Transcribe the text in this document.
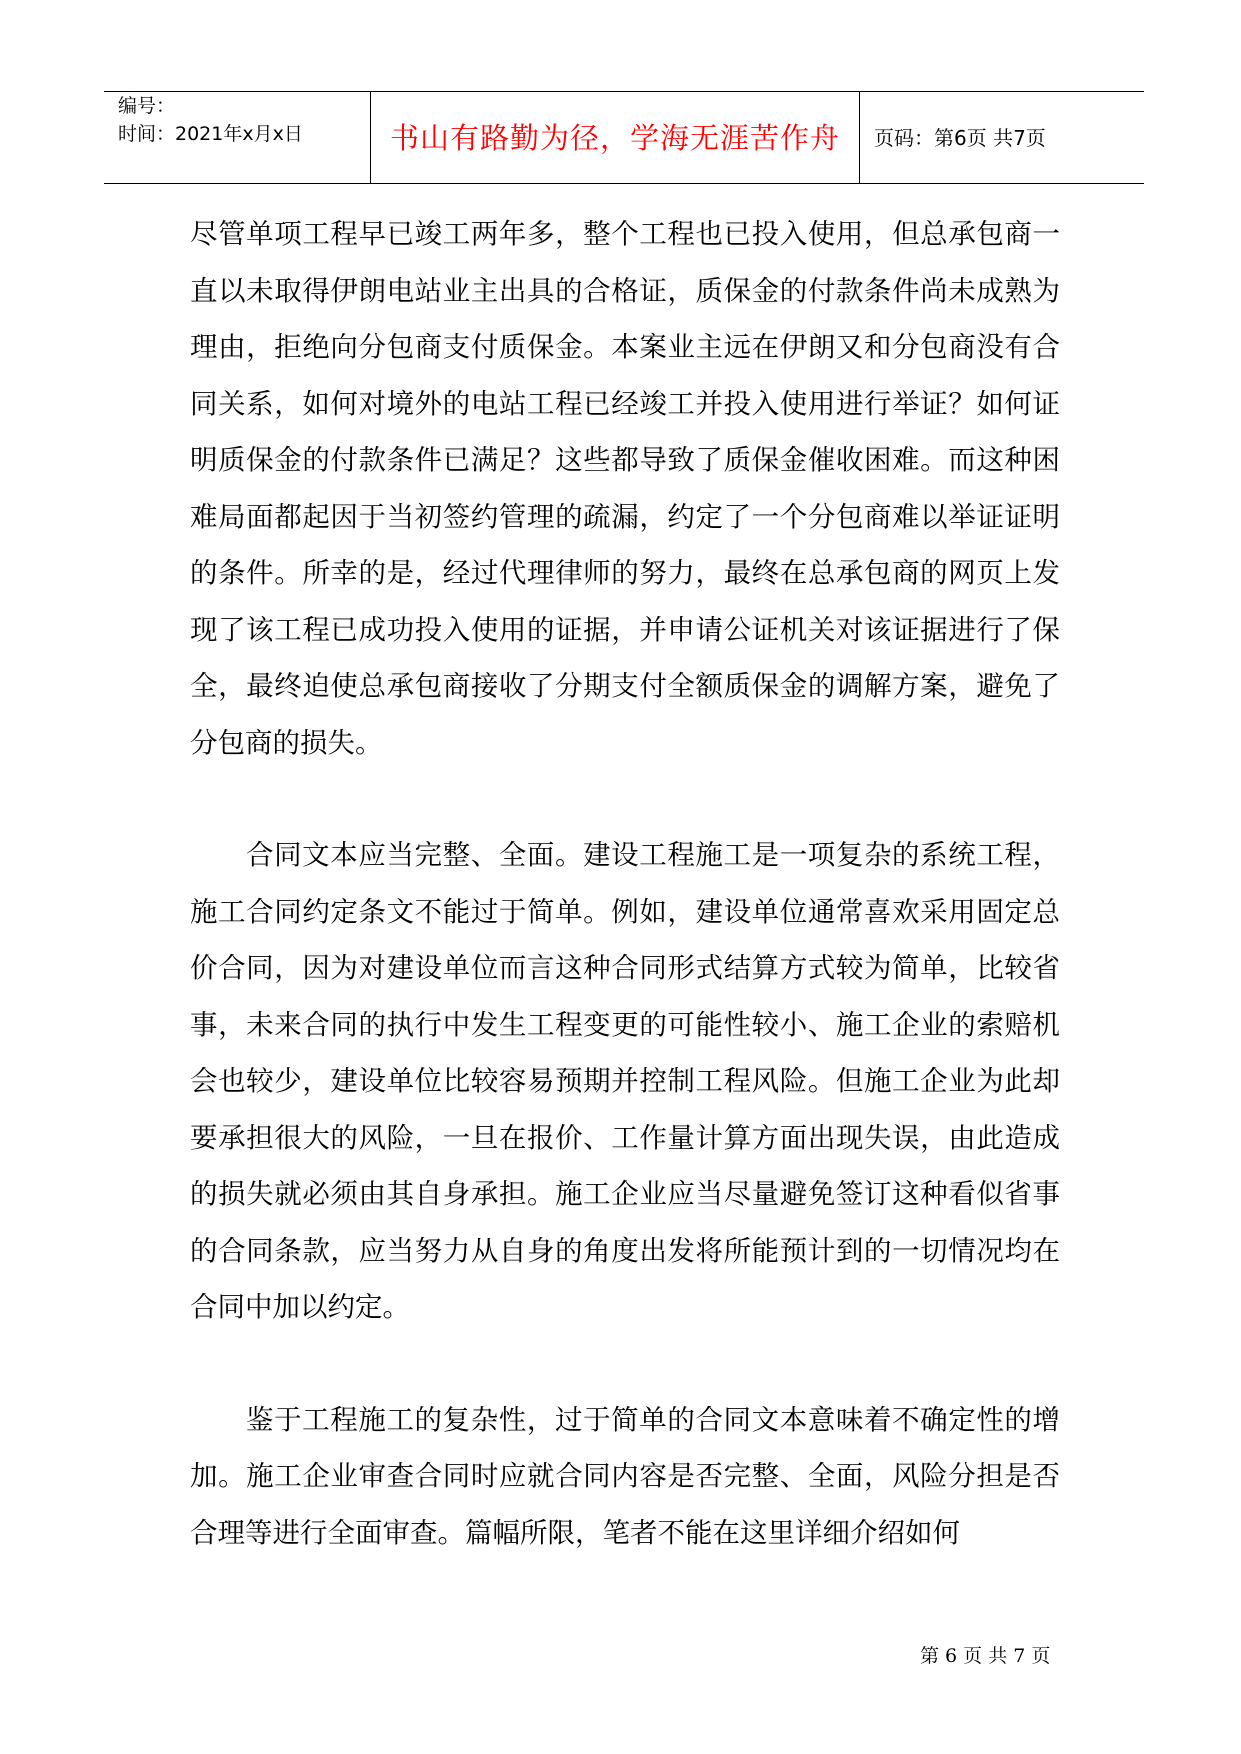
编号：
时间：2021年x月x日	书山有路勤为径，学海无涯苦作舟	页码：第6页 共7页

尽管单项工程早已竣工两年多，整个工程也已投入使用，但总承包商一直以未取得伊朗电站业主出具的合格证，质保金的付款条件尚未成熟为理由，拒绝向分包商支付质保金。本案业主远在伊朗又和分包商没有合同关系，如何对境外的电站工程已经竣工并投入使用进行举证？如何证明质保金的付款条件已满足？这些都导致了质保金催收困难。而这种困难局面都起因于当初签约管理的疏漏，约定了一个分包商难以举证证明的条件。所幸的是，经过代理律师的努力，最终在总承包商的网页上发现了该工程已成功投入使用的证据，并申请公证机关对该证据进行了保全，最终迫使总承包商接收了分期支付全额质保金的调解方案，避免了分包商的损失。

合同文本应当完整、全面。建设工程施工是一项复杂的系统工程，施工合同约定条文不能过于简单。例如，建设单位通常喜欢采用固定总价合同，因为对建设单位而言这种合同形式结算方式较为简单，比较省事，未来合同的执行中发生工程变更的可能性较小、施工企业的索赔机会也较少，建设单位比较容易预期并控制工程风险。但施工企业为此却要承担很大的风险，一旦在报价、工作量计算方面出现失误，由此造成的损失就必须由其自身承担。施工企业应当尽量避免签订这种看似省事的合同条款，应当努力从自身的角度出发将所能预计到的一切情况均在合同中加以约定。

鉴于工程施工的复杂性，过于简单的合同文本意味着不确定性的增加。施工企业审查合同时应就合同内容是否完整、全面，风险分担是否合理等进行全面审查。篇幅所限，笔者不能在这里详细介绍如何

第 6 页 共 7 页
